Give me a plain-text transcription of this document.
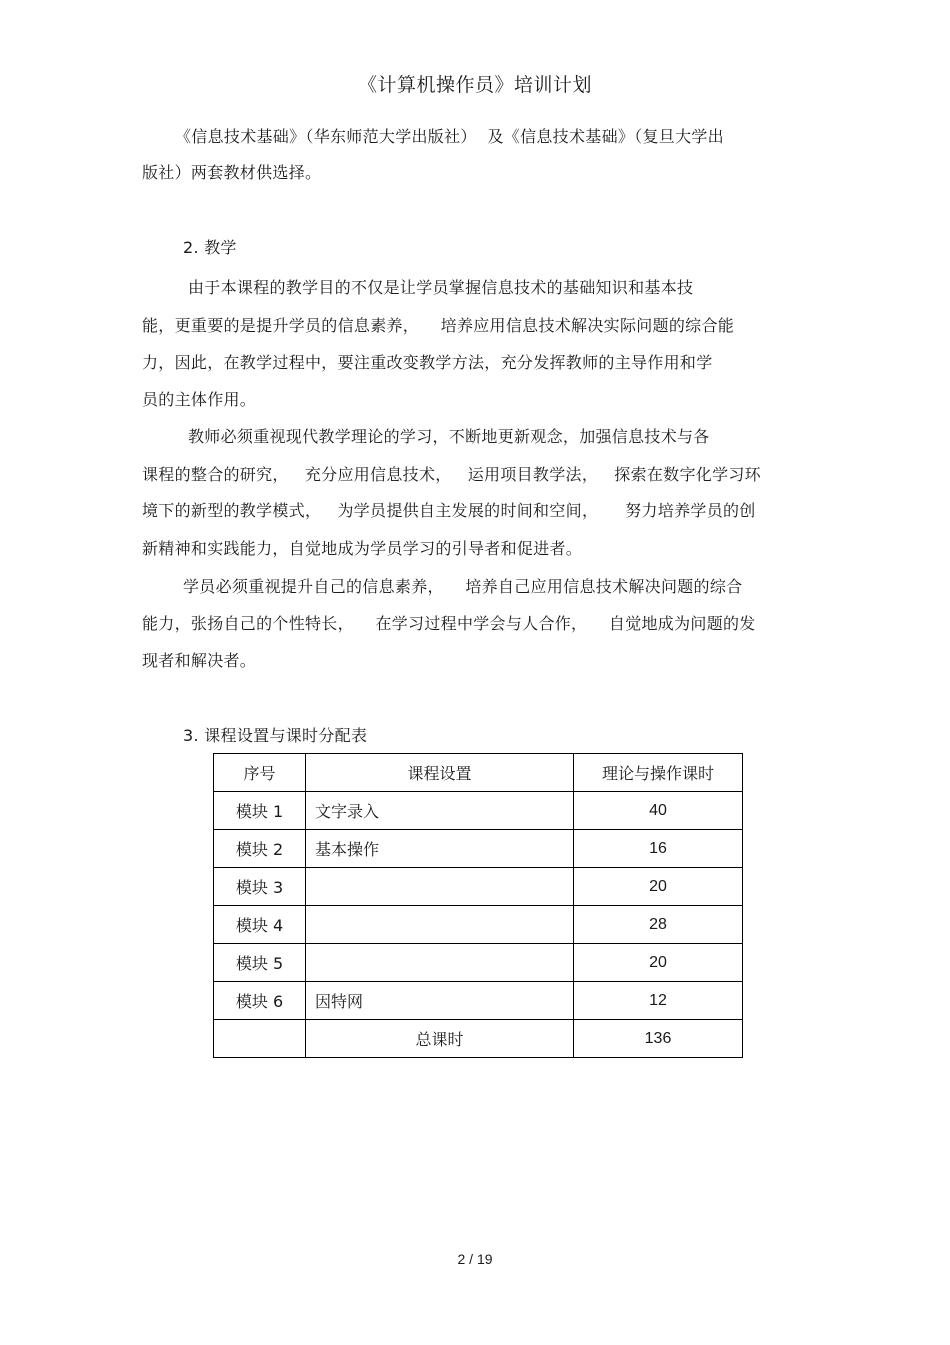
《计算机操作员》培训计划
《信息技术基础》（华东师范大学出版社）  及《信息技术基础》（复旦大学出
版社）两套教材供选择。
2. 教学
由于本课程的教学目的不仅是让学员掌握信息技术的基础知识和基本技
能，更重要的是提升学员的信息素养，    培养应用信息技术解决实际问题的综合能
力，因此，在教学过程中，要注重改变教学方法，充分发挥教师的主导作用和学
员的主体作用。
教师必须重视现代教学理论的学习，不断地更新观念，加强信息技术与各
课程的整合的研究，   充分应用信息技术，   运用项目教学法，   探索在数字化学习环
境下的新型的教学模式，   为学员提供自主发展的时间和空间，     努力培养学员的创
新精神和实践能力，自觉地成为学员学习的引导者和促进者。
学员必须重视提升自己的信息素养，    培养自己应用信息技术解决问题的综合
能力，张扬自己的个性特长，    在学习过程中学会与人合作，    自觉地成为问题的发
现者和解决者。
3. 课程设置与课时分配表
序号	课程设置	理论与操作课时
模块 1	文字录入	40
模块 2	基本操作	16
模块 3		20
模块 4		28
模块 5		20
模块 6	因特网	12
	总课时	136
2 / 19
